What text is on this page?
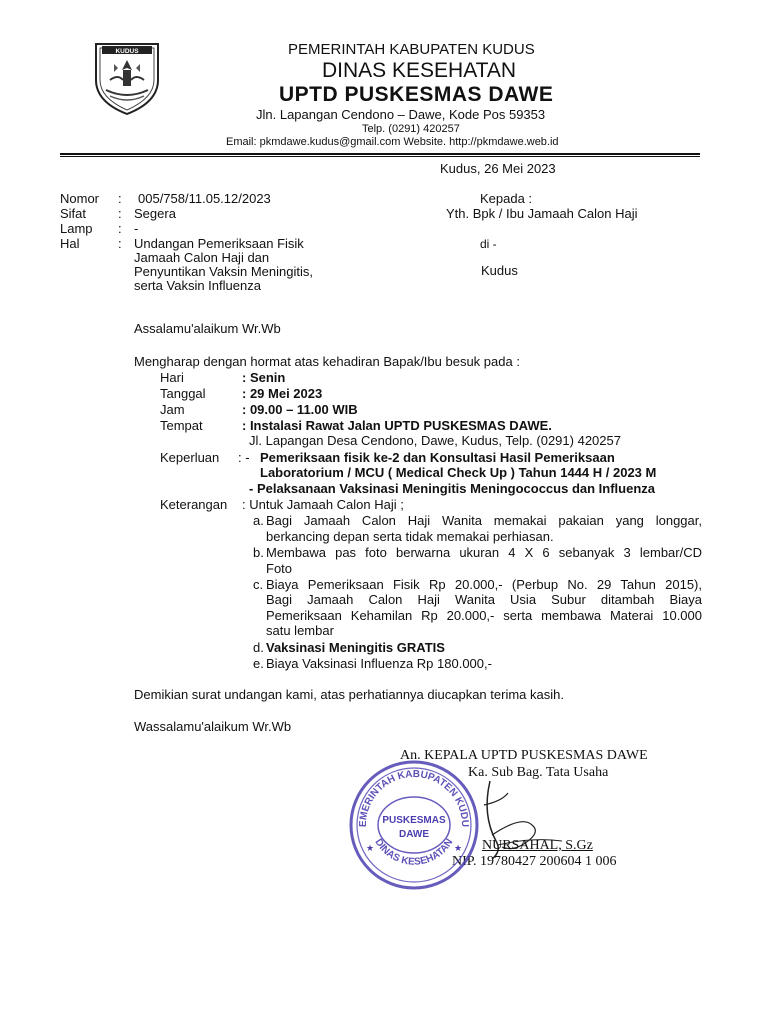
KUDUS	PEMERINTAH KABUPATEN KUDUS
DINAS KESEHATAN
UPTD PUSKESMAS DAWE
Jln. Lapangan Cendono – Dawe, Kode Pos 59353
Telp. (0291) 420257
Email: pkmdawe.kudus@gmail.com Website. http://pkmdawe.web.id
Kudus, 26 Mei 2023
Nomor : 005/758/11.05.12/2023
Sifat : Segera
Lamp : -
Hal	: Undangan Pemeriksaan Fisik
Jamaah Calon Haji dan
Penyuntikan Vaksin Meningitis,
serta Vaksin Influenza
Kepada :
Yth. Bpk / Ibu Jamaah Calon Haji
di -
Kudus
Assalamu'alaikum Wr.Wb
Mengharap dengan hormat atas kehadiran Bapak/Ibu besuk pada :
Hari	: Senin
Tanggal	: 29 Mei 2023
Jam	: 09.00 – 11.00 WIB
Tempat	: Instalasi Rawat Jalan UPTD PUSKESMAS DAWE.
Jl. Lapangan Desa Cendono, Dawe, Kudus, Telp. (0291) 420257
Keperluan : - Pemeriksaan fisik ke-2 dan Konsultasi Hasil Pemeriksaan
Laboratorium / MCU ( Medical Check Up ) Tahun 1444 H / 2023 M
- Pelaksanaan Vaksinasi Meningitis Meningococcus dan Influenza
Keterangan : Untuk Jamaah Calon Haji ;
a. Bagi Jamaah Calon Haji Wanita memakai pakaian yang longgar,
berkancing depan serta tidak memakai perhiasan.
b. Membawa pas foto berwarna ukuran 4 X 6 sebanyak 3 lembar/CD
Foto
c. Biaya Pemeriksaan Fisik Rp 20.000,- (Perbup No. 29 Tahun 2015),
Bagi Jamaah Calon Haji Wanita Usia Subur ditambah Biaya
Pemeriksaan Kehamilan Rp 20.000,- serta membawa Materai 10.000
satu lembar
d. Vaksinasi Meningitis GRATIS
e. Biaya Vaksinasi Influenza Rp 180.000,-
Demikian surat undangan kami, atas perhatiannya diucapkan terima kasih.
Wassalamu'alaikum Wr.Wb
An. KEPALA UPTD PUSKESMAS DAWE
Ka. Sub Bag. Tata Usaha
NURSAHAL, S.Gz
NIP. 19780427 200604 1 006
EMERINTAH KABUPATEN KUDU
DINAS KESEHATAN
PUSKESMAS
DAWE
★	★
